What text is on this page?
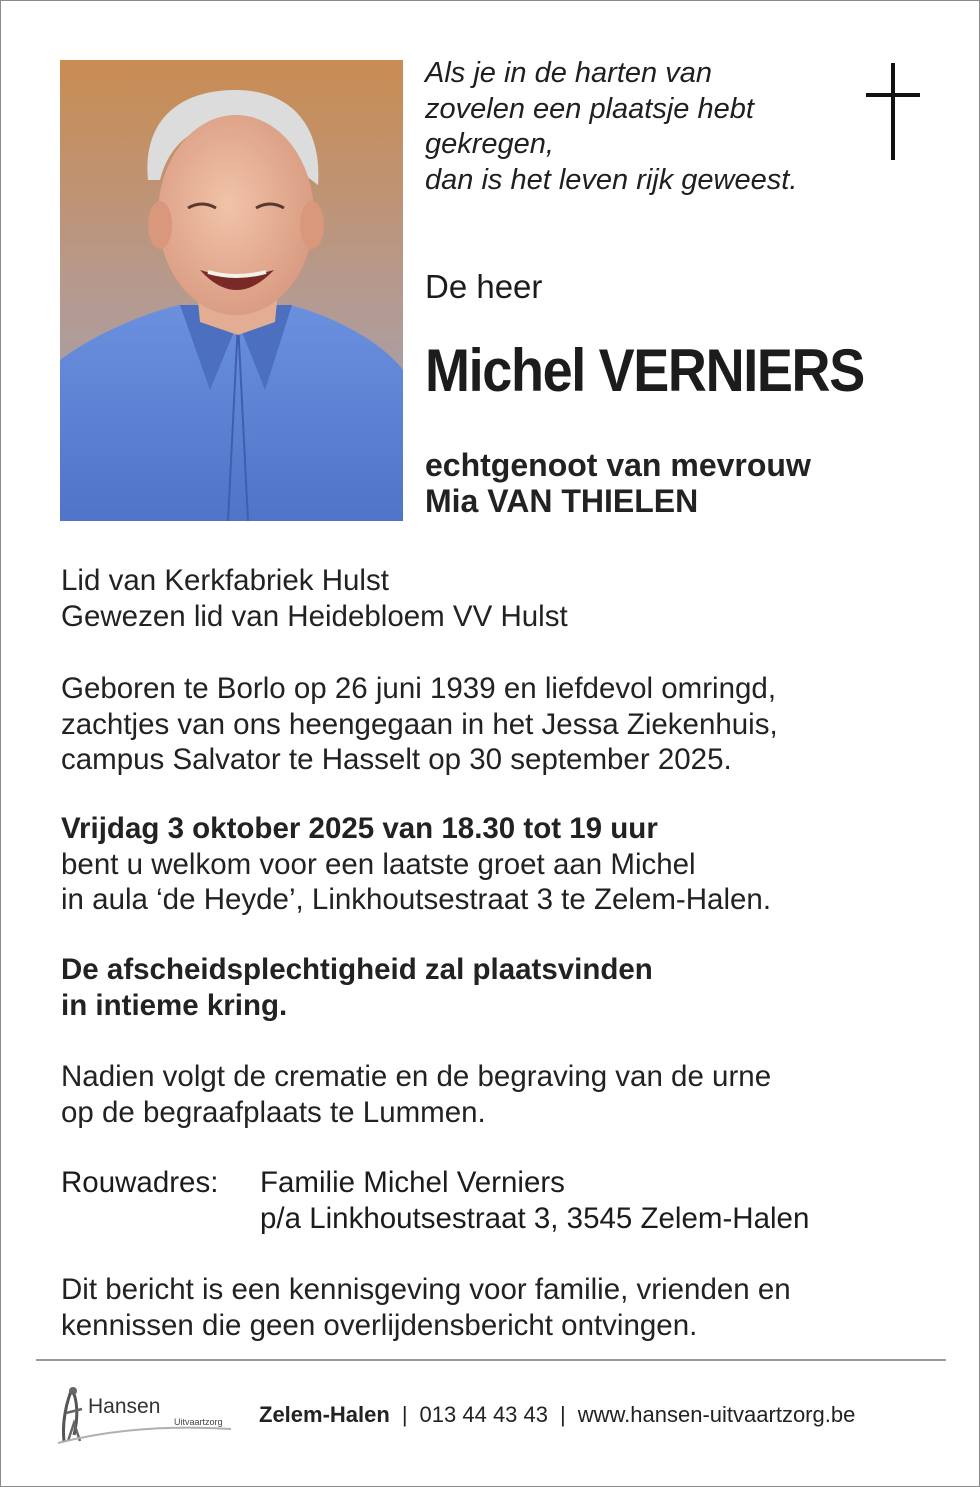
Als je in de harten van
zovelen een plaatsje hebt
gekregen,
dan is het leven rijk geweest.
De heer
Michel VERNIERS
echtgenoot van mevrouw
Mia VAN THIELEN
Lid van Kerkfabriek Hulst
Gewezen lid van Heidebloem VV Hulst
Geboren te Borlo op 26 juni 1939 en liefdevol omringd,
zachtjes van ons heengegaan in het Jessa Ziekenhuis,
campus Salvator te Hasselt op 30 september 2025.
Vrijdag 3 oktober 2025 van 18.30 tot 19 uur
bent u welkom voor een laatste groet aan Michel
in aula ‘de Heyde’, Linkhoutsestraat 3 te Zelem-Halen.
De afscheidsplechtigheid zal plaatsvinden
in intieme kring.
Nadien volgt de crematie en de begraving van de urne
op de begraafplaats te Lummen.
Rouwadres: Familie Michel Verniers
p/a Linkhoutsestraat 3, 3545 Zelem-Halen
Dit bericht is een kennisgeving voor familie, vrienden en
kennissen die geen overlijdensbericht ontvingen.
Hansen
Uitvaartzorg Zelem-Halen | 013 44 43 43 | www.hansen-uitvaartzorg.be
